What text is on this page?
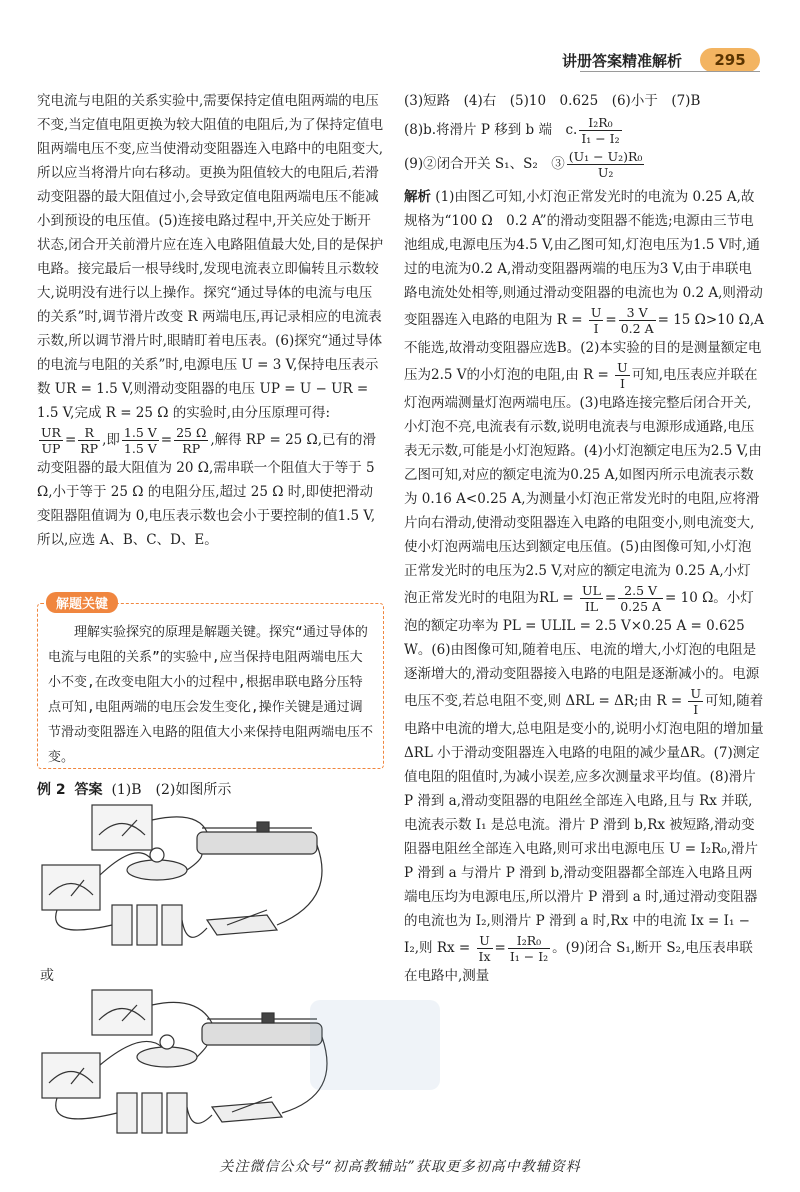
讲册答案精准解析	295

究电流与电阻的关系实验中,需要保持定值电阻两端的电压不变,当定值电阻更换为较大阻值的电阻后,为了保持定值电阻两端电压不变,应当使滑动变阻器连入电路中的电阻变大,所以应当将滑片向右移动。更换为阻值较大的电阻后,若滑动变阻器的最大阻值过小,会导致定值电阻两端电压不能减小到预设的电压值。(5)连接电路过程中,开关应处于断开状态,闭合开关前滑片应在连入电路阻值最大处,目的是保护电路。接完最后一根导线时,发现电流表立即偏转且示数较大,说明没有进行以上操作。探究“通过导体的电流与电压的关系”时,调节滑片改变 R 两端电压,再记录相应的电流表示数,所以调节滑片时,眼睛盯着电压表。(6)探究“通过导体的电流与电阻的关系”时,电源电压 U = 3 V,保持电压表示数 UR = 1.5 V,则滑动变阻器的电压 UP = U − UR = 1.5 V,完成 R = 25 Ω 的实验时,由分压原理可得:

$\frac{UR}{UP} = \frac{R}{RP}$ ,即 $\frac{1.5 V}{1.5 V} = \frac{25 \Omega}{RP}$ ,解得 RP = 25 Ω,已有的滑动变阻器的最大阻值为 20 Ω,需串联一个阻值大于等于 5 Ω,小于等于 25 Ω 的电阻分压,超过 25 Ω 时,即使把滑动变阻器阻值调为 0,电压表示数也会小于要控制的值1.5 V,所以,应选 A、B、C、D、E。

解题关键
理解实验探究的原理是解题关键。探究“通过导体的电流与电阻的关系”的实验中,应当保持电阻两端电压大小不变,在改变电阻大小的过程中,根据串联电路分压特点可知,电阻两端的电压会发生变化,操作关键是通过调节滑动变阻器连入电路的阻值大小来保持电阻两端电压不变。
例 2 答案 (1)B　(2)如图所示
或

(3)短路　(4)右　(5)10　0.625　(6)小于　(7)B

(8)b.将滑片 P 移到 b 端　c. $\frac{\text{I₂R₀}}{\text{I₁ − I₂}}$

(9)②闭合开关 S₁、S₂　③ $\frac{\text{(U₁ − U₂)R₀}}{\text{U₂}}$

解析 (1)由图乙可知,小灯泡正常发光时的电流为 0.25 A,故规格为“100 Ω　0.2 A”的滑动变阻器不能选;电源由三节电池组成,电源电压为4.5 V,由乙图可知,灯泡电压为1.5 V时,通过的电流为0.2 A,滑动变阻器两端的电压为3 V,由于串联电路电流处处相等,则通过滑动变阻器的电流也为 0.2 A,则滑动变阻器连入电路的电阻为 $R = \frac{U}{I} = \frac{3 V}{0.2 A} = 15$ Ω>10 Ω,A 不能选,故滑动变阻器应选B。(2)本实验的目的是测量额定电压为2.5 V的小灯泡的电阻,由 $R = \frac{U}{I}$ 可知,电压表应并联在灯泡两端测量灯泡两端电压。(3)电路连接完整后闭合开关,小灯泡不亮,电流表有示数,说明电流表与电源形成通路,电压表无示数,可能是小灯泡短路。(4)小灯泡额定电压为2.5 V,由乙图可知,对应的额定电流为0.25 A,如图丙所示电流表示数为 0.16 A<0.25 A,为测量小灯泡正常发光时的电阻,应将滑片向右滑动,使滑动变阻器连入电路的电阻变小,则电流变大,使小灯泡两端电压达到额定电压值。(5)由图像可知,小灯泡正常发光时的电压为2.5 V,对应的额定电流为 0.25 A,小灯泡正常发光时的电阻为RL = $\frac{UL}{IL} = \frac{2.5 V}{0.25 A} = 10$ Ω。小灯泡的额定功率为 PL = ULIL = 2.5 V×0.25 A = 0.625 W。(6)由图像可知,随着电压、电流的增大,小灯泡的电阻是逐渐增大的,滑动变阻器接入电路的电阻是逐渐减小的。电源电压不变,若总电阻不变,则 ΔRL = ΔR;由 $R = \frac{U}{I}$ 可知,随着电路中电流的增大,总电阻是变小的,说明小灯泡电阻的增加量 ΔRL 小于滑动变阻器连入电路的电阻的减少量ΔR。(7)测定值电阻的阻值时,为减小误差,应多次测量求平均值。(8)滑片 P 滑到 a,滑动变阻器的电阻丝全部连入电路,且与 Rx 并联,电流表示数 I₁ 是总电流。滑片 P 滑到 b,Rx 被短路,滑动变阻器电阻丝全部连入电路,则可求出电源电压 U = I₂R₀,滑片 P 滑到 a 与滑片 P 滑到 b,滑动变阻器都全部连入电路且两端电压均为电源电压,所以滑片 P 滑到 a 时,通过滑动变阻器的电流也为 I₂,则滑片 P 滑到 a 时,Rx 中的电流 Ix = I₁ − I₂,则 $Rx = \frac{U}{Ix} = \frac{\text{I₂R₀}}{\text{I₁ − I₂}}$ 。(9)闭合 S₁,断开 S₂,电压表串联在电路中,测量

关注微信公众号“初高教辅站”获取更多初高中教辅资料
